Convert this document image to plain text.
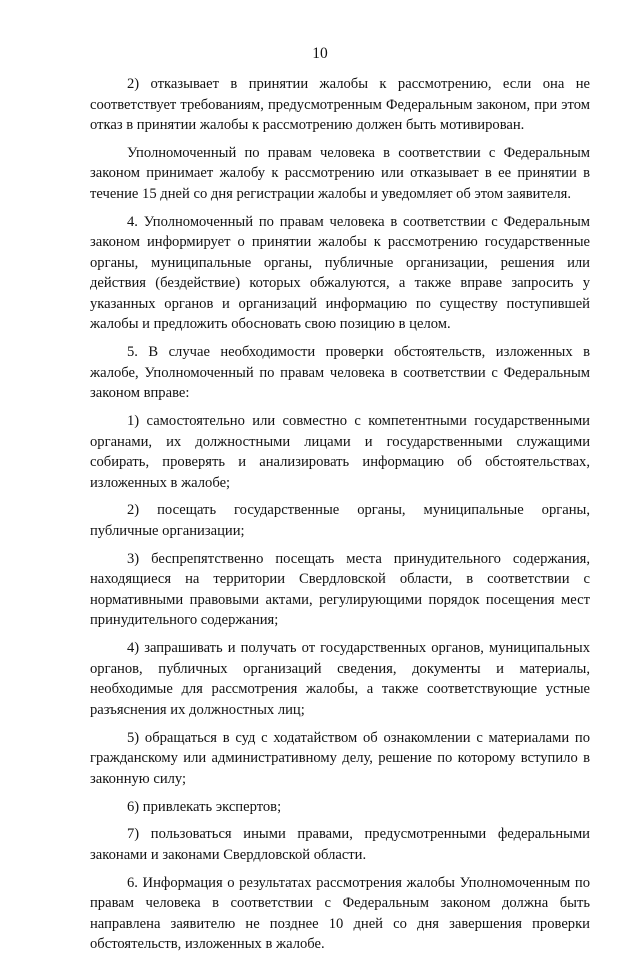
10

2) отказывает в принятии жалобы к рассмотрению, если она не соответствует требованиям, предусмотренным Федеральным законом, при этом отказ в принятии жалобы к рассмотрению должен быть мотивирован.

Уполномоченный по правам человека в соответствии с Федеральным законом принимает жалобу к рассмотрению или отказывает в ее принятии в течение 15 дней со дня регистрации жалобы и уведомляет об этом заявителя.

4. Уполномоченный по правам человека в соответствии с Федеральным законом информирует о принятии жалобы к рассмотрению государственные органы, муниципальные органы, публичные организации, решения или действия (бездействие) которых обжалуются, а также вправе запросить у указанных органов и организаций информацию по существу поступившей жалобы и предложить обосновать свою позицию в целом.

5. В случае необходимости проверки обстоятельств, изложенных в жалобе, Уполномоченный по правам человека в соответствии с Федеральным законом вправе:

1) самостоятельно или совместно с компетентными государственными органами, их должностными лицами и государственными служащими собирать, проверять и анализировать информацию об обстоятельствах, изложенных в жалобе;

2) посещать государственные органы, муниципальные органы, публичные организации;

3) беспрепятственно посещать места принудительного содержания, находящиеся на территории Свердловской области, в соответствии с нормативными правовыми актами, регулирующими порядок посещения мест принудительного содержания;

4) запрашивать и получать от государственных органов, муниципальных органов, публичных организаций сведения, документы и материалы, необходимые для рассмотрения жалобы, а также соответствующие устные разъяснения их должностных лиц;

5) обращаться в суд с ходатайством об ознакомлении с материалами по гражданскому или административному делу, решение по которому вступило в законную силу;

6) привлекать экспертов;

7) пользоваться иными правами, предусмотренными федеральными законами и законами Свердловской области.

6. Информация о результатах рассмотрения жалобы Уполномоченным по правам человека в соответствии с Федеральным законом должна быть направлена заявителю не позднее 10 дней со дня завершения проверки обстоятельств, изложенных в жалобе.
